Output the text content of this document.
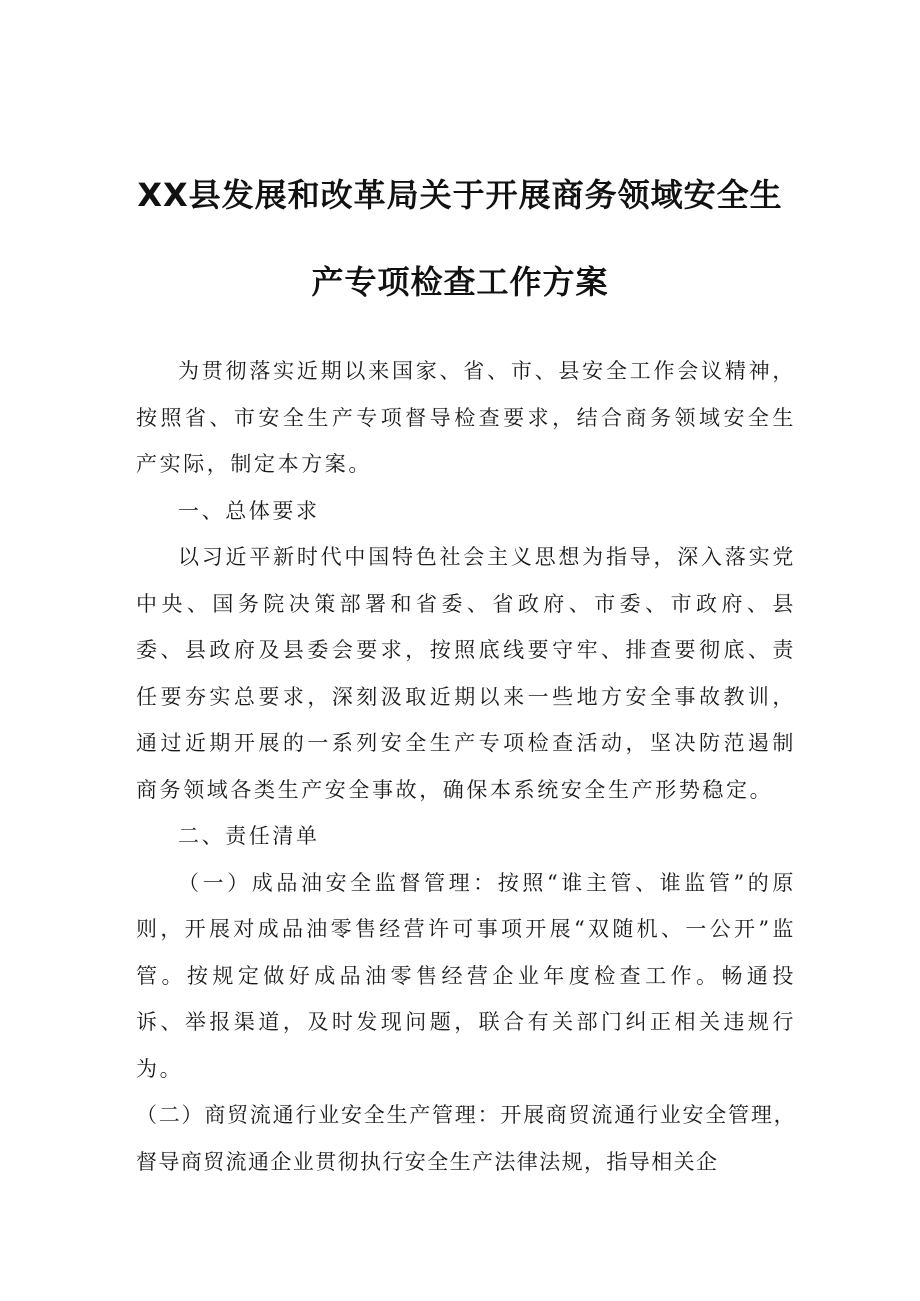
XX县发展和改革局关于开展商务领域安全生
产专项检查工作方案

为贯彻落实近期以来国家、省、市、县安全工作会议精神，按照省、市安全生产专项督导检查要求，结合商务领域安全生产实际，制定本方案。

一、总体要求

以习近平新时代中国特色社会主义思想为指导，深入落实党中央、国务院决策部署和省委、省政府、市委、市政府、县委、县政府及县委会要求，按照底线要守牢、排查要彻底、责任要夯实总要求，深刻汲取近期以来一些地方安全事故教训，通过近期开展的一系列安全生产专项检查活动，坚决防范遏制商务领域各类生产安全事故，确保本系统安全生产形势稳定。

二、责任清单

（一）成品油安全监督管理：按照“谁主管、谁监管”的原则，开展对成品油零售经营许可事项开展“双随机、一公开”监管。按规定做好成品油零售经营企业年度检查工作。畅通投诉、举报渠道，及时发现问题，联合有关部门纠正相关违规行为。

（二）商贸流通行业安全生产管理：开展商贸流通行业安全管理，督导商贸流通企业贯彻执行安全生产法律法规，指导相关企
